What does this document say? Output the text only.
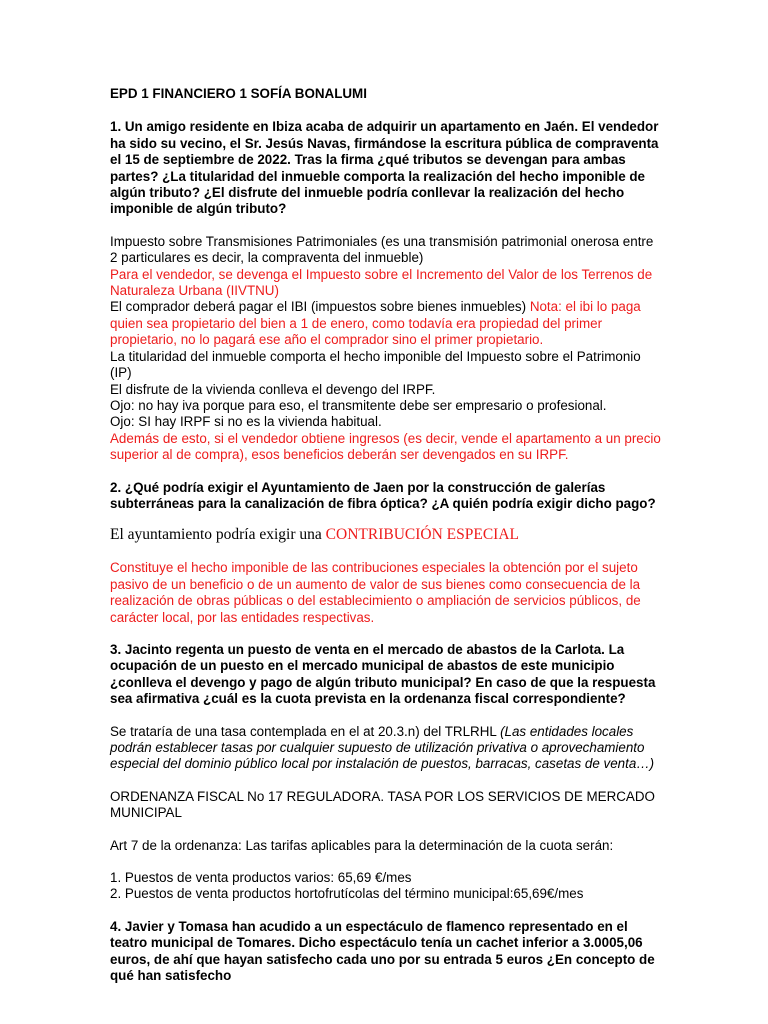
EPD 1 FINANCIERO 1 SOFÍA BONALUMI

1. Un amigo residente en Ibiza acaba de adquirir un apartamento en Jaén. El vendedor ha sido su vecino, el Sr. Jesús Navas, firmándose la escritura pública de compraventa el 15 de septiembre de 2022. Tras la firma ¿qué tributos se devengan para ambas partes? ¿La titularidad del inmueble comporta la realización del hecho imponible de algún tributo? ¿El disfrute del inmueble podría conllevar la realización del hecho imponible de algún tributo?

Impuesto sobre Transmisiones Patrimoniales (es una transmisión patrimonial onerosa entre 2 particulares es decir, la compraventa del inmueble)

Para el vendedor, se devenga el Impuesto sobre el Incremento del Valor de los Terrenos de Naturaleza Urbana (IIVTNU)

El comprador deberá pagar el IBI (impuestos sobre bienes inmuebles) Nota: el ibi lo paga quien sea propietario del bien a 1 de enero, como todavía era propiedad del primer propietario, no lo pagará ese año el comprador sino el primer propietario.

La titularidad del inmueble comporta el hecho imponible del Impuesto sobre el Patrimonio (IP)

El disfrute de la vivienda conlleva el devengo del IRPF.

Ojo: no hay iva porque para eso, el transmitente debe ser empresario o profesional.

Ojo: SI hay IRPF si no es la vivienda habitual.

Además de esto, si el vendedor obtiene ingresos (es decir, vende el apartamento a un precio superior al de compra), esos beneficios deberán ser devengados en su IRPF.

2. ¿Qué podría exigir el Ayuntamiento de Jaen por la construcción de galerías subterráneas para la canalización de fibra óptica? ¿A quién podría exigir dicho pago?

El ayuntamiento podría exigir una CONTRIBUCIÓN ESPECIAL

Constituye el hecho imponible de las contribuciones especiales la obtención por el sujeto pasivo de un beneficio o de un aumento de valor de sus bienes como consecuencia de la realización de obras públicas o del establecimiento o ampliación de servicios públicos, de carácter local, por las entidades respectivas.

3. Jacinto regenta un puesto de venta en el mercado de abastos de la Carlota. La ocupación de un puesto en el mercado municipal de abastos de este municipio ¿conlleva el devengo y pago de algún tributo municipal? En caso de que la respuesta sea afirmativa ¿cuál es la cuota prevista en la ordenanza fiscal correspondiente?

Se trataría de una tasa contemplada en el at 20.3.n) del TRLRHL (Las entidades locales podrán establecer tasas por cualquier supuesto de utilización privativa o aprovechamiento especial del dominio público local por instalación de puestos, barracas, casetas de venta…)

ORDENANZA FISCAL No 17 REGULADORA. TASA POR LOS SERVICIOS DE MERCADO MUNICIPAL

Art 7 de la ordenanza: Las tarifas aplicables para la determinación de la cuota serán:

1. Puestos de venta productos varios: 65,69 €/mes

2. Puestos de venta productos hortofrutícolas del término municipal:65,69€/mes

4. Javier y Tomasa han acudido a un espectáculo de flamenco representado en el teatro municipal de Tomares. Dicho espectáculo tenía un cachet inferior a 3.0005,06 euros, de ahí que hayan satisfecho cada uno por su entrada 5 euros ¿En concepto de qué han satisfecho
